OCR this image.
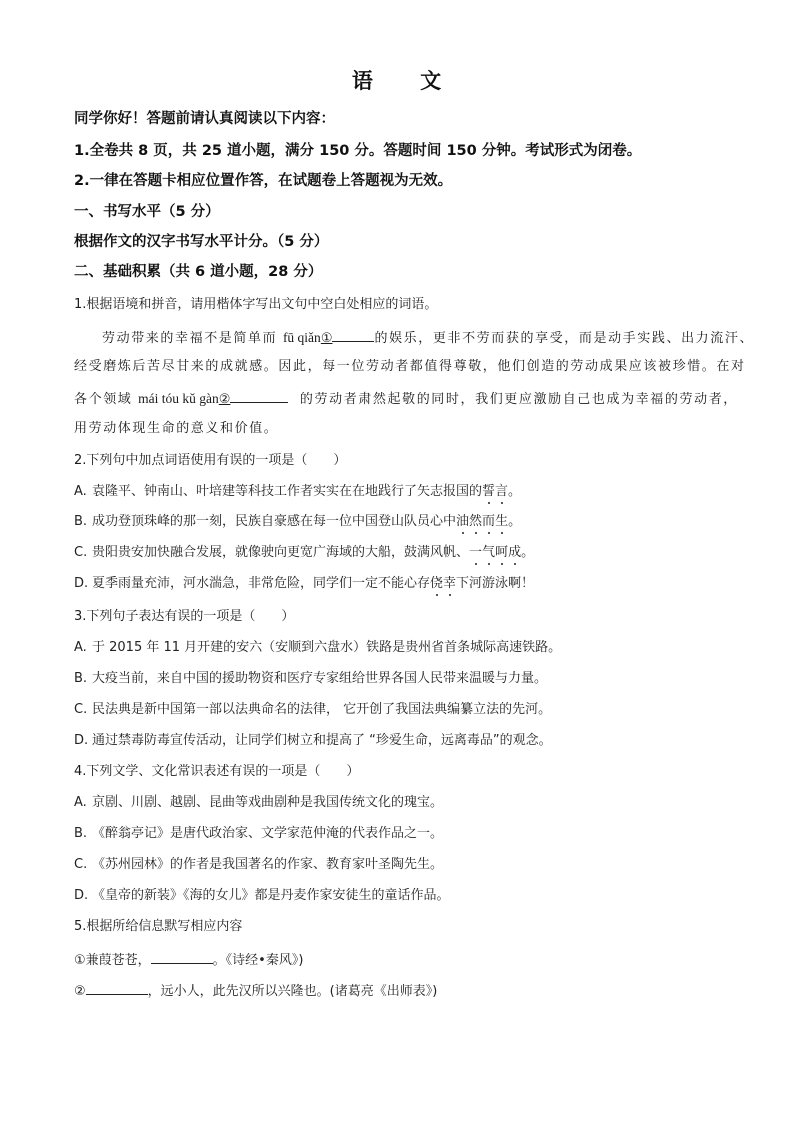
语 文
同学你好！答题前请认真阅读以下内容：
1.全卷共 8 页，共 25 道小题，满分 150 分。答题时间 150 分钟。考试形式为闭卷。
2.一律在答题卡相应位置作答，在试题卷上答题视为无效。
一、书写水平（5 分）
根据作文的汉字书写水平计分。（5 分）
二、基础积累（共 6 道小题，28 分）
1.根据语境和拼音，请用楷体字写出文句中空白处相应的词语。
劳动带来的幸福不是简单而 fū qiǎn①	的娱乐，更非不劳而获的享受，而是动手实践、出力流汗、
经受磨炼后苦尽甘来的成就感。因此，每一位劳动者都值得尊敬，他们创造的劳动成果应该被珍惜。在对
各个领域 mái tóu kǔ gàn②	的劳动者肃然起敬的同时，我们更应激励自己也成为幸福的劳动者，
用劳动体现生命的意义和价值。
2.下列句中加点词语使用有误的一项是（　　）
A. 袁隆平、钟南山、叶培建等科技工作者实实在在地践行了矢志报国的誓言。
B. 成功登顶珠峰的那一刻，民族自豪感在每一位中国登山队员心中油然而生。
C. 贵阳贵安加快融合发展，就像驶向更宽广海域的大船，鼓满风帆、一气呵成。
D. 夏季雨量充沛，河水湍急，非常危险，同学们一定不能心存侥幸下河游泳啊！
3.下列句子表达有误的一项是（　　）
A. 于 2015 年 11 月开建的安六（安顺到六盘水）铁路是贵州省首条城际高速铁路。
B. 大疫当前，来自中国的援助物资和医疗专家组给世界各国人民带来温暖与力量。
C. 民法典是新中国第一部以法典命名的法律， 它开创了我国法典编纂立法的先河。
D. 通过禁毒防毒宣传活动，让同学们树立和提高了 “珍爱生命，远离毒品”的观念。
4.下列文学、文化常识表述有误的一项是（　　）
A. 京剧、川剧、越剧、昆曲等戏曲剧种是我国传统文化的瑰宝。
B. 《醉翁亭记》是唐代政治家、文学家范仲淹的代表作品之一。
C. 《苏州园林》的作者是我国著名的作家、教育家叶圣陶先生。
D. 《皇帝的新装》《海的女儿》都是丹麦作家安徒生的童话作品。
5.根据所给信息默写相应内容
①兼葭苍苍，	。《诗经•秦风》)
②	，远小人，此先汉所以兴隆也。(诸葛亮《出师表》)
